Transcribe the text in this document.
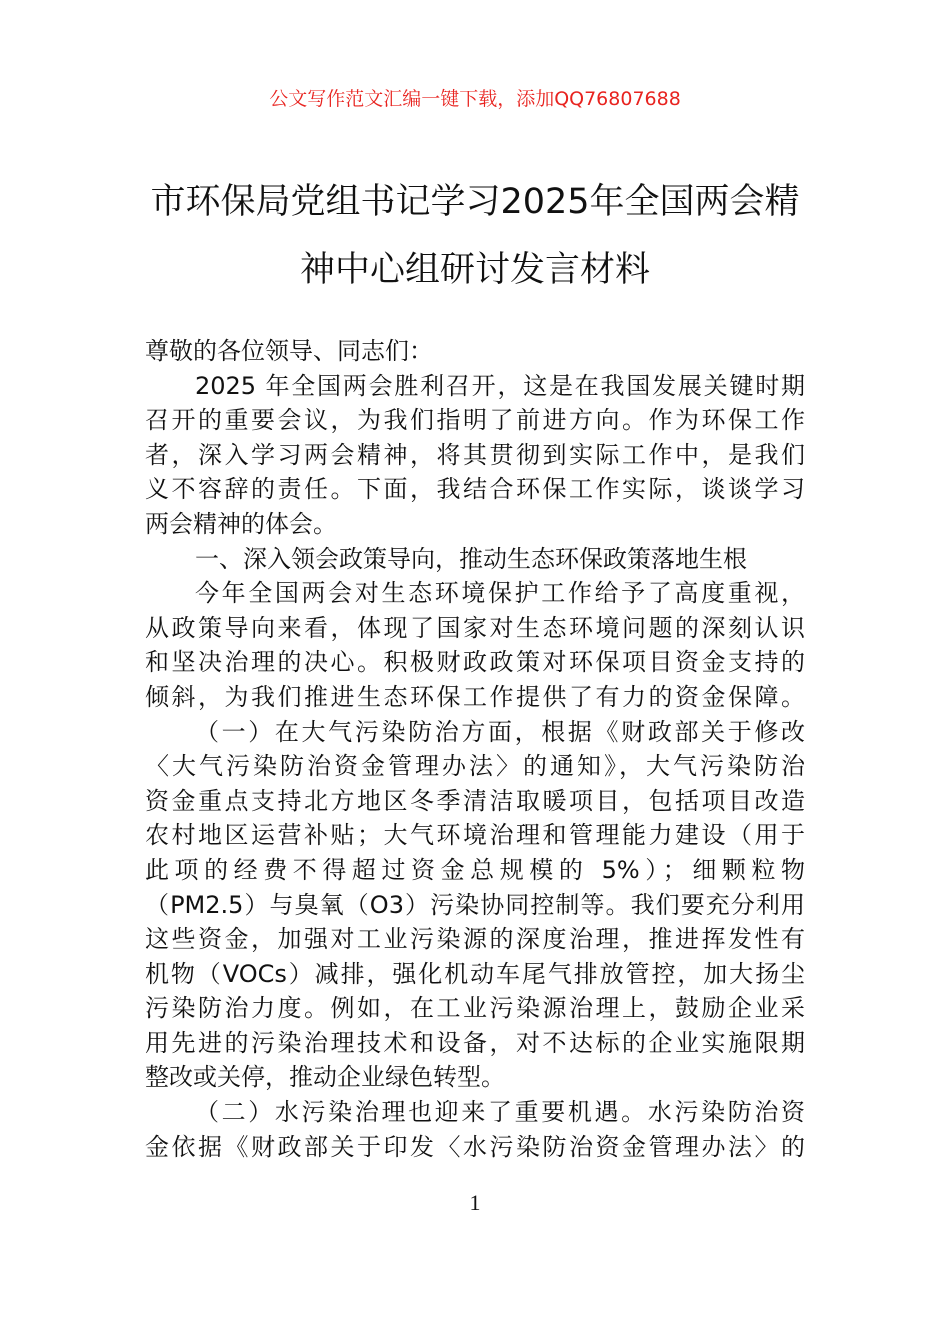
公文写作范文汇编一键下载，添加QQ76807688
市环保局党组书记学习2025年全国两会精
神中心组研讨发言材料
尊敬的各位领导、同志们：
2025 年全国两会胜利召开，这是在我国发展关键时期
召开的重要会议，为我们指明了前进方向。作为环保工作
者，深入学习两会精神，将其贯彻到实际工作中，是我们
义不容辞的责任。下面，我结合环保工作实际，谈谈学习
两会精神的体会。
一、深入领会政策导向，推动生态环保政策落地生根
今年全国两会对生态环境保护工作给予了高度重视，
从政策导向来看，体现了国家对生态环境问题的深刻认识
和坚决治理的决心。积极财政政策对环保项目资金支持的
倾斜，为我们推进生态环保工作提供了有力的资金保障。
（一）在大气污染防治方面，根据《财政部关于修改
〈大气污染防治资金管理办法〉的通知》，大气污染防治
资金重点支持北方地区冬季清洁取暖项目，包括项目改造
农村地区运营补贴；大气环境治理和管理能力建设（用于
此项的经费不得超过资金总规模的 5%）；细颗粒物
（PM2.5）与臭氧（O3）污染协同控制等。我们要充分利用
这些资金，加强对工业污染源的深度治理，推进挥发性有
机物（VOCs）减排，强化机动车尾气排放管控，加大扬尘
污染防治力度。例如，在工业污染源治理上，鼓励企业采
用先进的污染治理技术和设备，对不达标的企业实施限期
整改或关停，推动企业绿色转型。
（二）水污染治理也迎来了重要机遇。水污染防治资
金依据《财政部关于印发〈水污染防治资金管理办法〉的
1
